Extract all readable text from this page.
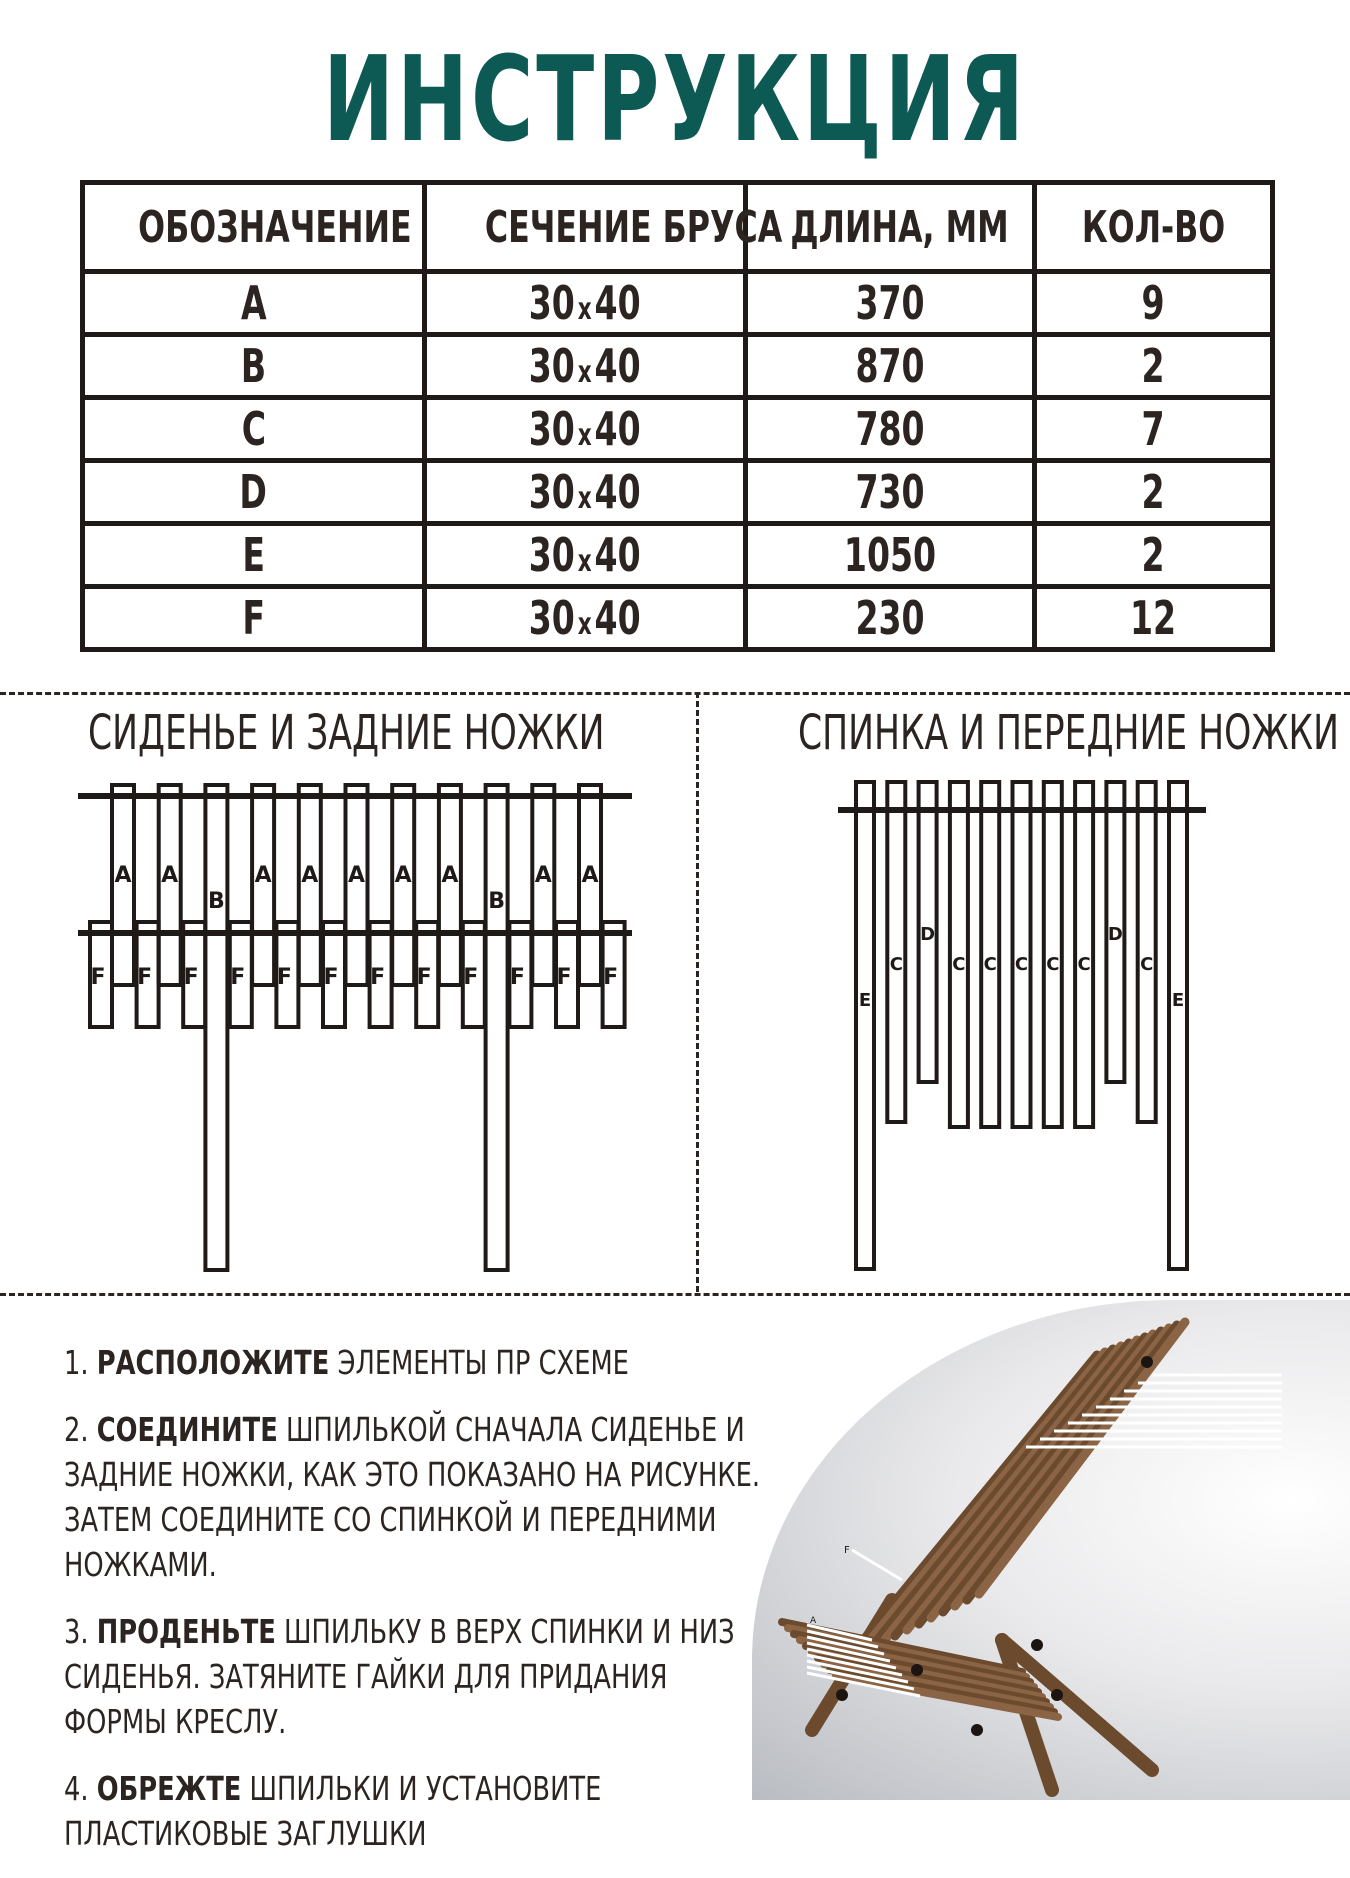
ИНСТРУКЦИЯ
ОБОЗНАЧЕНИЕ	СЕЧЕНИЕ БРУСА	ДЛИНА, ММ	КОЛ-ВО
A	30x40	370	9
B	30x40	870	2
C	30x40	780	7
D	30x40	730	2
E	30x40	1050	2
F	30x40	230	12
СИДЕНЬЕ И ЗАДНИЕ НОЖКИ	СПИНКА И ПЕРЕДНИЕ НОЖКИ
A A
B
A A A A A
B
A A
F F F F F F F F F F F F
E
C
D
C C C C C
D
C
E
1. РАСПОЛОЖИТЕ ЭЛЕМЕНТЫ ПР СХЕМЕ
2. СОЕДИНИТЕ ШПИЛЬКОЙ СНАЧАЛА СИДЕНЬЕ И ЗАДНИЕ НОЖКИ, КАК ЭТО ПОКАЗАНО НА РИСУНКЕ. ЗАТЕМ СОЕДИНИТЕ СО СПИНКОЙ И ПЕРЕДНИМИ НОЖКАМИ.
3. ПРОДЕНЬТЕ ШПИЛЬКУ В ВЕРХ СПИНКИ И НИЗ СИДЕНЬЯ. ЗАТЯНИТЕ ГАЙКИ ДЛЯ ПРИДАНИЯ ФОРМЫ КРЕСЛУ.
4. ОБРЕЖТЕ ШПИЛЬКИ И УСТАНОВИТЕ ПЛАСТИКОВЫЕ ЗАГЛУШКИ
F
A
